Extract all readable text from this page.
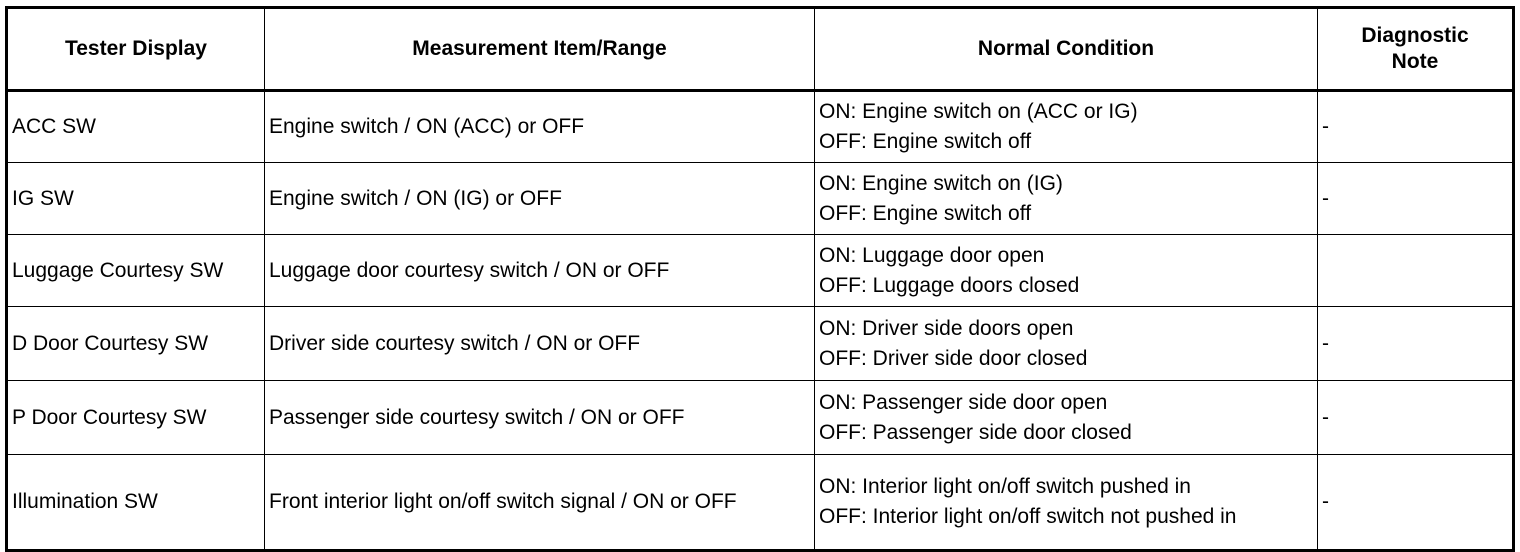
Tester Display	Measurement Item/Range	Normal Condition	Diagnostic
Note

ACC SW	Engine switch / ON (ACC) or OFF	ON: Engine switch on (ACC or IG)
OFF: Engine switch off	-
IG SW	Engine switch / ON (IG) or OFF	ON: Engine switch on (IG)
OFF: Engine switch off	-
Luggage Courtesy SW	Luggage door courtesy switch / ON or OFF	ON: Luggage door open
OFF: Luggage doors closed	

D Door Courtesy SW	Driver side courtesy switch / ON or OFF	ON: Driver side doors open
OFF: Driver side door closed	-
P Door Courtesy SW	Passenger side courtesy switch / ON or OFF	ON: Passenger side door open
OFF: Passenger side door closed	-
Illumination SW	Front interior light on/off switch signal / ON or OFF	ON: Interior light on/off switch pushed in
OFF: Interior light on/off switch not pushed in	-
